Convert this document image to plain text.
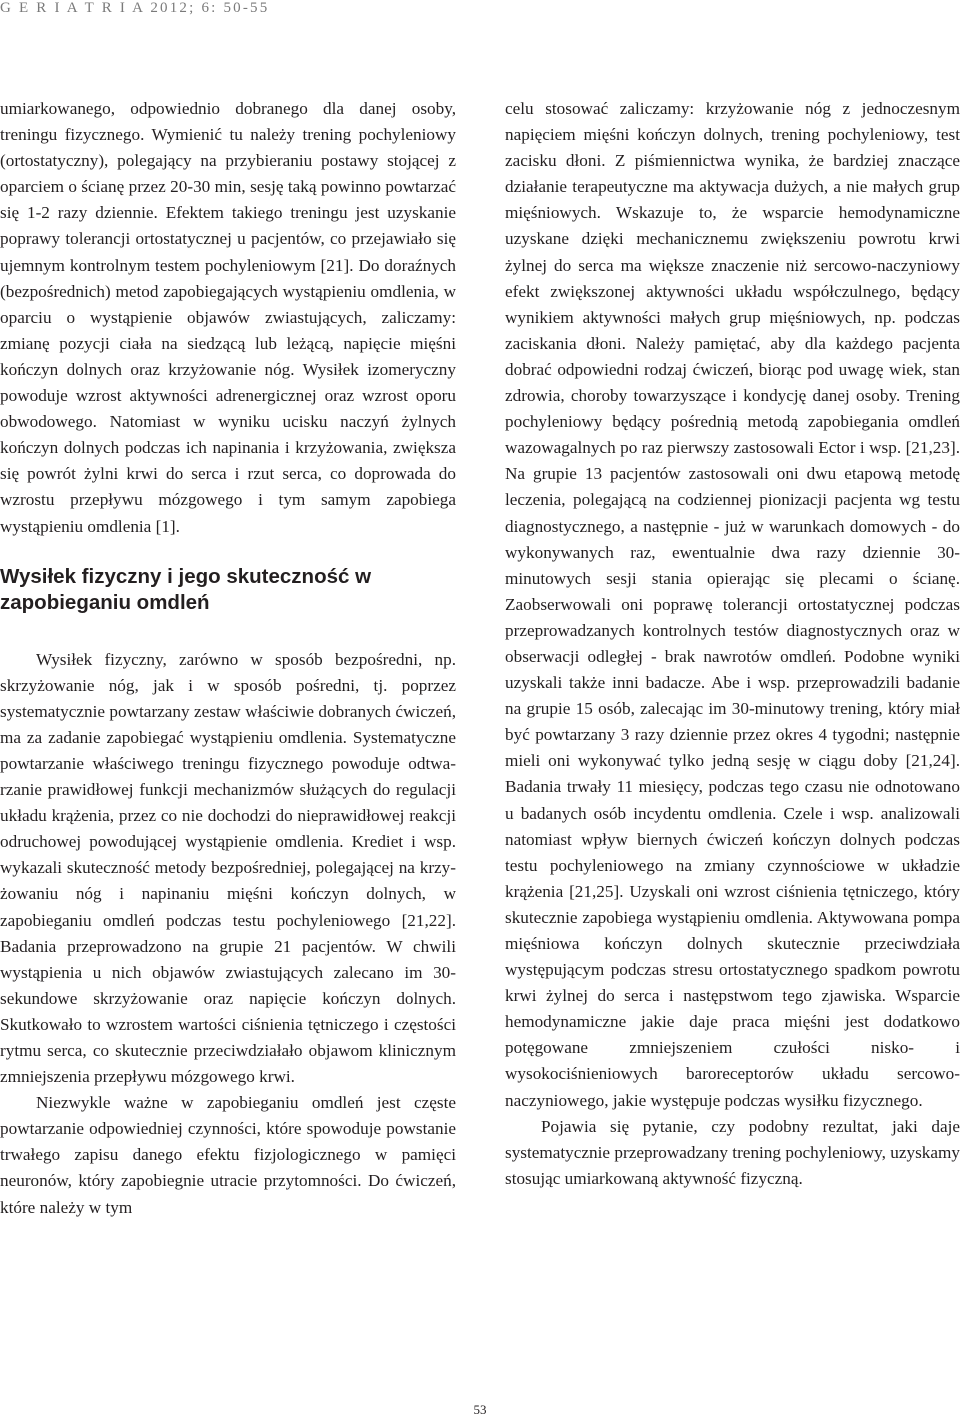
G E R I A T R I A 2012; 6: 50-55

umiarkowanego, odpowiednio dobranego dla danej osoby, treningu fizycznego. Wymienić tu należy trening pochyleniowy (ortostatyczny), polegający na przybieraniu postawy stojącej z oparciem o ścianę przez 20-30 min, sesję taką powinno powtarzać się 1-2 razy dziennie. Efektem takiego treningu jest uzyskanie poprawy tolerancji ortostatycznej u pacjentów, co przejawiało się ujemnym kontrolnym testem pochyleniowym [21]. Do doraźnych (bezpośrednich) metod zapobiegających wystąpieniu omdlenia, w oparciu o wystąpienie objawów zwiastujących, zaliczamy: zmianę pozycji ciała na siedzącą lub leżącą, napięcie mięśni kończyn dolnych oraz krzyżowanie nóg. Wysiłek izomeryczny powoduje wzrost aktywności adrenergicznej oraz wzrost oporu obwodowego. Natomiast w wyniku ucisku naczyń żylnych kończyn dolnych podczas ich napinania i krzyżowania, zwiększa się powrót żylni krwi do serca i rzut serca, co doprowada do wzrostu przepływu mózgowego i tym samym zapobiega wystąpieniu omdlenia [1].

Wysiłek fizyczny i jego skuteczność w zapobieganiu omdleń

Wysiłek fizyczny, zarówno w sposób bezpośredni, np. skrzyżowanie nóg, jak i w sposób pośredni, tj. poprzez systematycznie powtarzany zestaw właściwie dobranych ćwiczeń, ma za zadanie zapobiegać wystąpieniu omdlenia. Systematyczne powtarzanie właściwego treningu fizycznego powoduje odtwarzanie prawidłowej funkcji mechanizmów służących do regulacji układu krążenia, przez co nie dochodzi do nieprawidłowej reakcji odruchowej powodującej wystąpienie omdlenia. Krediet i wsp. wykazali skuteczność metody bezpośredniej, polegającej na krzyżowaniu nóg i napinaniu mięśni kończyn dolnych, w zapobieganiu omdleń podczas testu pochyleniowego [21,22]. Badania przeprowadzono na grupie 21 pacjentów. W chwili wystąpienia u nich objawów zwiastujących zalecano im 30-sekundowe skrzyżowanie oraz napięcie kończyn dolnych. Skutkowało to wzrostem wartości ciśnienia tętniczego i częstości rytmu serca, co skutecznie przeciwdziałało objawom klinicznym zmniejszenia przepływu mózgowego krwi.

Niezwykle ważne w zapobieganiu omdleń jest częste powtarzanie odpowiedniej czynności, które spowoduje powstanie trwałego zapisu danego efektu fizjologicznego w pamięci neuronów, który zapobiegnie utracie przytomności. Do ćwiczeń, które należy w tym

celu stosować zaliczamy: krzyżowanie nóg z jednoczesnym napięciem mięśni kończyn dolnych, trening pochyleniowy, test zacisku dłoni. Z piśmiennictwa wynika, że bardziej znaczące działanie terapeutyczne ma aktywacja dużych, a nie małych grup mięśniowych. Wskazuje to, że wsparcie hemodynamiczne uzyskane dzięki mechanicznemu zwiększeniu powrotu krwi żylnej do serca ma większe znaczenie niż sercowo-naczyniowy efekt zwiększonej aktywności układu współczulnego, będący wynikiem aktywności małych grup mięśniowych, np. podczas zaciskania dłoni. Należy pamiętać, aby dla każdego pacjenta dobrać odpowiedni rodzaj ćwiczeń, biorąc pod uwagę wiek, stan zdrowia, choroby towarzyszące i kondycję danej osoby. Trening pochyleniowy będący pośrednią metodą zapobiegania omdleń wazowagalnych po raz pierwszy zastosowali Ector i wsp. [21,23]. Na grupie 13 pacjentów zastosowali oni dwu etapową metodę leczenia, polegającą na codziennej pionizacji pacjenta wg testu diagnostycznego, a następnie - już w warunkach domowych - do wykonywanych raz, ewentualnie dwa razy dziennie 30-minutowych sesji stania opierając się plecami o ścianę. Zaobserwowali oni poprawę tolerancji ortostatycznej podczas przeprowadzanych kontrolnych testów diagnostycznych oraz w obserwacji odległej - brak nawrotów omdleń. Podobne wyniki uzyskali także inni badacze. Abe i wsp. przeprowadzili badanie na grupie 15 osób, zalecając im 30-minutowy trening, który miał być powtarzany 3 razy dziennie przez okres 4 tygodni; następnie mieli oni wykonywać tylko jedną sesję w ciągu doby [21,24]. Badania trwały 11 miesięcy, podczas tego czasu nie odnotowano u badanych osób incydentu omdlenia. Czele i wsp. analizowali natomiast wpływ biernych ćwiczeń kończyn dolnych podczas testu pochyleniowego na zmiany czynnościowe w układzie krążenia [21,25]. Uzyskali oni wzrost ciśnienia tętniczego, który skutecznie zapobiega wystąpieniu omdlenia. Aktywowana pompa mięśniowa kończyn dolnych skutecznie przeciwdziała występującym podczas stresu ortostatycznego spadkom powrotu krwi żylnej do serca i następstwom tego zjawiska. Wsparcie hemodynamiczne jakie daje praca mięśni jest dodatkowo potęgowane zmniejszeniem czułości nisko- i wysokociśnieniowych baroreceptorów układu sercowo-naczyniowego, jakie występuje podczas wysiłku fizycznego.

Pojawia się pytanie, czy podobny rezultat, jaki daje systematycznie przeprowadzany trening pochyleniowy, uzyskamy stosując umiarkowaną aktywność fizyczną.

53
